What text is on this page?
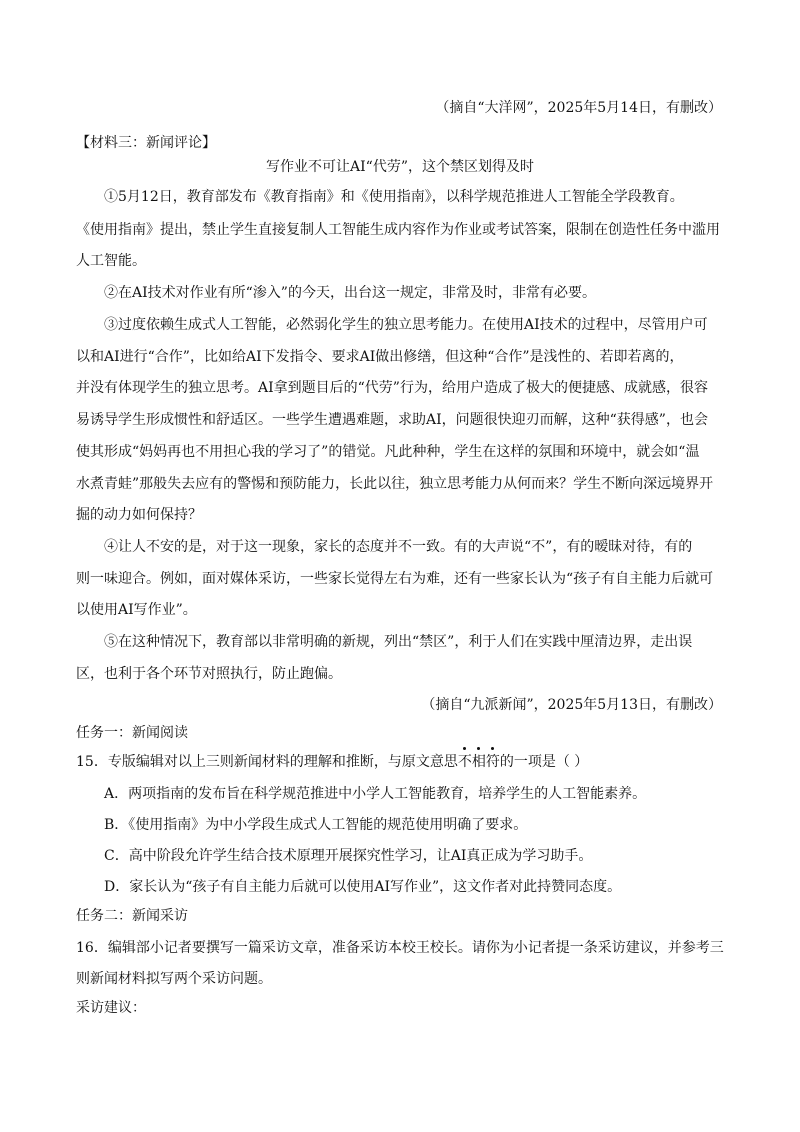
（摘自“大洋网”，2025年5月14日，有删改）
【材料三：新闻评论】
写作业不可让AI“代劳”，这个禁区划得及时
①5月12日，教育部发布《教育指南》和《使用指南》，以科学规范推进人工智能全学段教育。
《使用指南》提出，禁止学生直接复制人工智能生成内容作为作业或考试答案，限制在创造性任务中滥用
人工智能。
②在AI技术对作业有所“渗入”的今天，出台这一规定，非常及时，非常有必要。
③过度依赖生成式人工智能，必然弱化学生的独立思考能力。在使用AI技术的过程中，尽管用户可
以和AI进行“合作”，比如给AI下发指令、要求AI做出修缮，但这种“合作”是浅性的、若即若离的，
并没有体现学生的独立思考。AI拿到题目后的“代劳”行为，给用户造成了极大的便捷感、成就感，很容
易诱导学生形成惯性和舒适区。一些学生遭遇难题，求助AI，问题很快迎刃而解，这种“获得感”，也会
使其形成“妈妈再也不用担心我的学习了”的错觉。凡此种种，学生在这样的氛围和环境中，就会如“温
水煮青蛙”那般失去应有的警惕和预防能力，长此以往，独立思考能力从何而来？学生不断向深远境界开
掘的动力如何保持？
④让人不安的是，对于这一现象，家长的态度并不一致。有的大声说“不”，有的暧昧对待，有的
则一味迎合。例如，面对媒体采访，一些家长觉得左右为难，还有一些家长认为“孩子有自主能力后就可
以使用AI写作业”。
⑤在这种情况下，教育部以非常明确的新规，列出“禁区”，利于人们在实践中厘清边界，走出误
区，也利于各个环节对照执行，防止跑偏。
（摘自“九派新闻”，2025年5月13日，有删改）
任务一：新闻阅读
15．专版编辑对以上三则新闻材料的理解和推断，与原文意思不相符的一项是（ ）
A．两项指南的发布旨在科学规范推进中小学人工智能教育，培养学生的人工智能素养。
B．《使用指南》为中小学段生成式人工智能的规范使用明确了要求。
C．高中阶段允许学生结合技术原理开展探究性学习，让AI真正成为学习助手。
D．家长认为“孩子有自主能力后就可以使用AI写作业”，这文作者对此持赞同态度。
任务二：新闻采访
16．编辑部小记者要撰写一篇采访文章，准备采访本校王校长。请你为小记者提一条采访建议，并参考三
则新闻材料拟写两个采访问题。
采访建议：
